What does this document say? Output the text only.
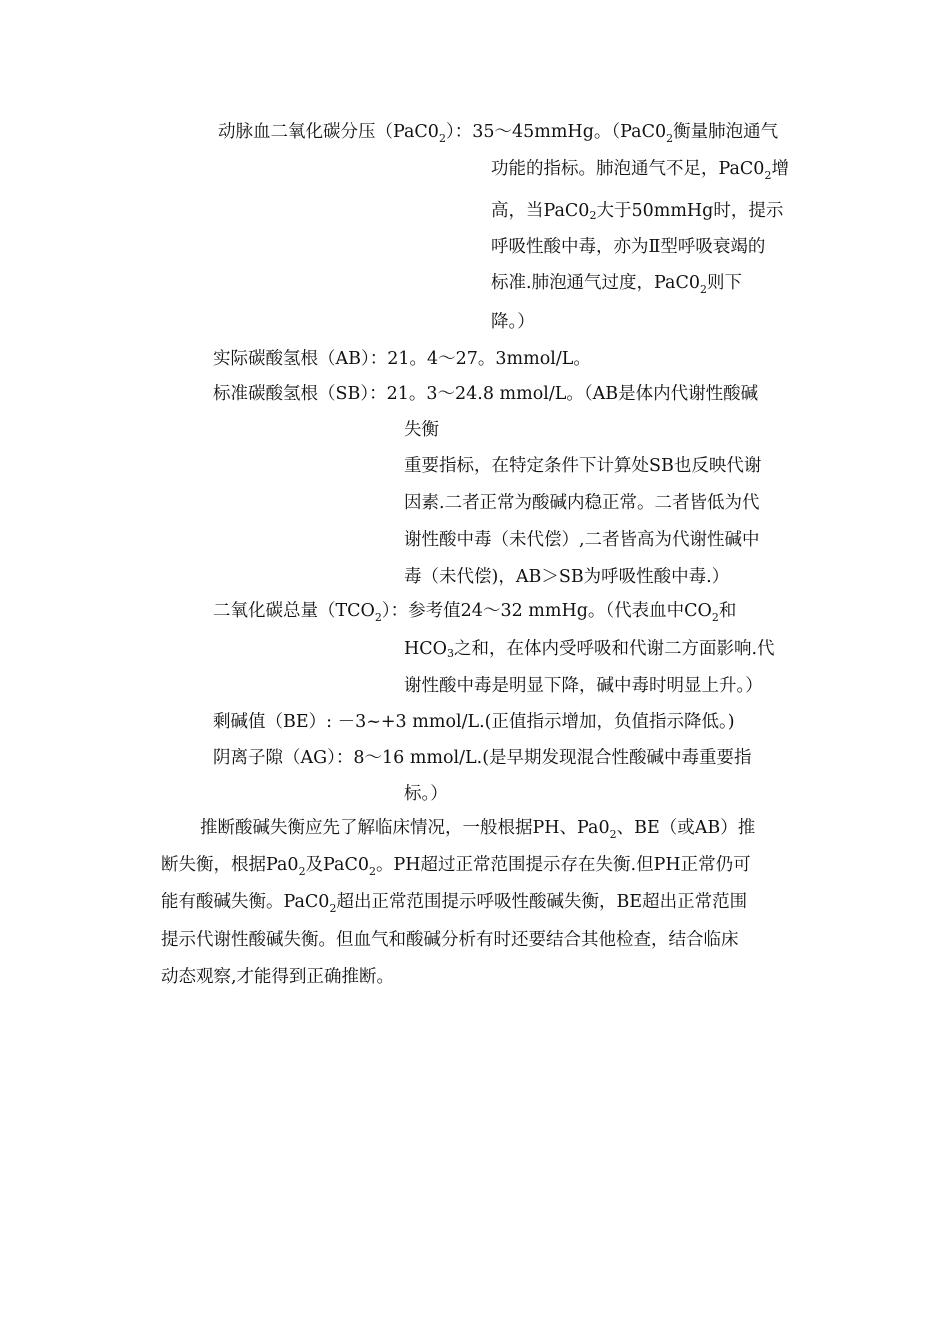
动脉血二氧化碳分压（PaC02）：35～45mmHg。（PaC02衡量肺泡通气
功能的指标。肺泡通气不足，PaC02增
高，当PaC0 2 大于50mmHg时，提示
呼吸性酸中毒，亦为Ⅱ型呼吸衰竭的
标准.肺泡通气过度，PaC02则下
降。）
实际碳酸氢根（AB）：21。4～27。3mmol/L。
标准碳酸氢根（SB）：21。3～24.8 mmol/L。（AB是体内代谢性酸碱
失衡
重要指标，在特定条件下计算处SB也反映代谢
因素.二者正常为酸碱内稳正常。二者皆低为代
谢性酸中毒（未代偿）,二者皆高为代谢性碱中
毒（未代偿)，AB＞SB为呼吸性酸中毒.）
二氧化碳总量（TCO2）：参考值24～32 mmHg。（代表血中CO2和
HCO 3 之和，在体内受呼吸和代谢二方面影响.代
谢性酸中毒是明显下降，碱中毒时明显上升。）
剩碱值（BE）: －3~+3 mmol/L.(正值指示增加，负值指示降低。)
阴离子隙（AG）：8～16 mmol/L.(是早期发现混合性酸碱中毒重要指
标。）
推断酸碱失衡应先了解临床情况，一般根据PH、Pa02、BE（或AB）推
断失衡，根据Pa02及PaC02。PH超过正常范围提示存在失衡.但PH正常仍可
能有酸碱失衡。PaC02超出正常范围提示呼吸性酸碱失衡，BE超出正常范围
提示代谢性酸碱失衡。但血气和酸碱分析有时还要结合其他检查，结合临床
动态观察,才能得到正确推断。
